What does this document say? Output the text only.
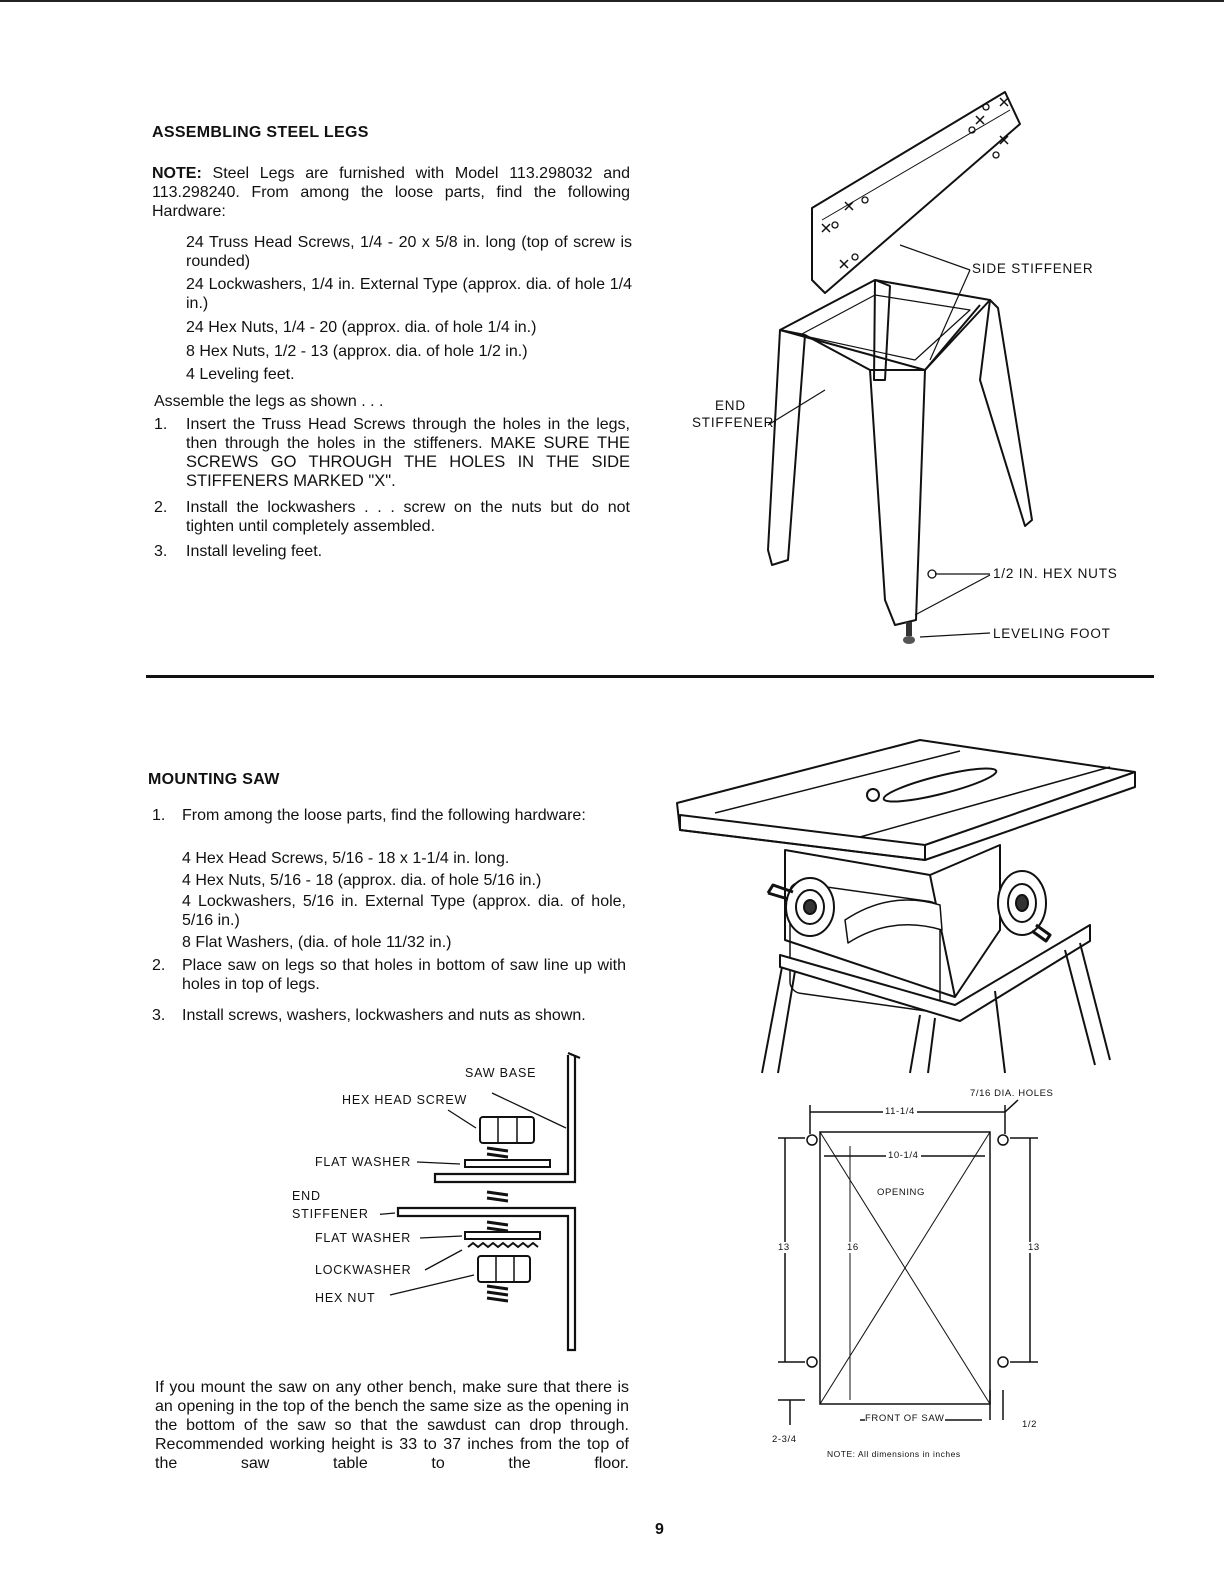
ASSEMBLING STEEL LEGS

NOTE: Steel Legs are furnished with Model 113.298032 and 113.298240. From among the loose parts, find the following Hardware:

24 Truss Head Screws, 1/4 - 20 x 5/8 in. long (top of screw is rounded)

24 Lockwashers, 1/4 in. External Type (approx. dia. of hole 1/4 in.)

24 Hex Nuts, 1/4 - 20 (approx. dia. of hole 1/4 in.)

8 Hex Nuts, 1/2 - 13 (approx. dia. of hole 1/2 in.)

4 Leveling feet.

Assemble the legs as shown . . .

1. Insert the Truss Head Screws through the holes in the legs, then through the holes in the stiffeners. MAKE SURE THE SCREWS GO THROUGH THE HOLES IN THE SIDE STIFFENERS MARKED "X".

2. Install the lockwashers . . . screw on the nuts but do not tighten until completely assembled.

3. Install leveling feet.

SIDE STIFFENER
END
STIFFENER
1/2 IN. HEX NUTS
LEVELING FOOT
MOUNTING SAW
1. From among the loose parts, find the following hardware:

4 Hex Head Screws, 5/16 - 18 x 1-1/4 in. long.

4 Hex Nuts, 5/16 - 18 (approx. dia. of hole 5/16 in.)

4 Lockwashers, 5/16 in. External Type (approx. dia. of hole, 5/16 in.)

8 Flat Washers, (dia. of hole 11/32 in.)

2. Place saw on legs so that holes in bottom of saw line up with holes in top of legs.

3. Install screws, washers, lockwashers and nuts as shown.

SAW BASE
HEX HEAD SCREW
FLAT WASHER
END
STIFFENER
FLAT WASHER
LOCKWASHER
HEX NUT

If you mount the saw on any other bench, make sure that there is an opening in the top of the bench the same size as the opening in the bottom of the saw so that the sawdust can drop through. Recommended working height is 33 to 37 inches from the top of the saw table to the floor.

7/16 DIA. HOLES
11-1/4
10-1/4
OPENING
13	16	13
FRONT OF SAW
2-3/4
1/2
NOTE: All dimensions in inches
9
